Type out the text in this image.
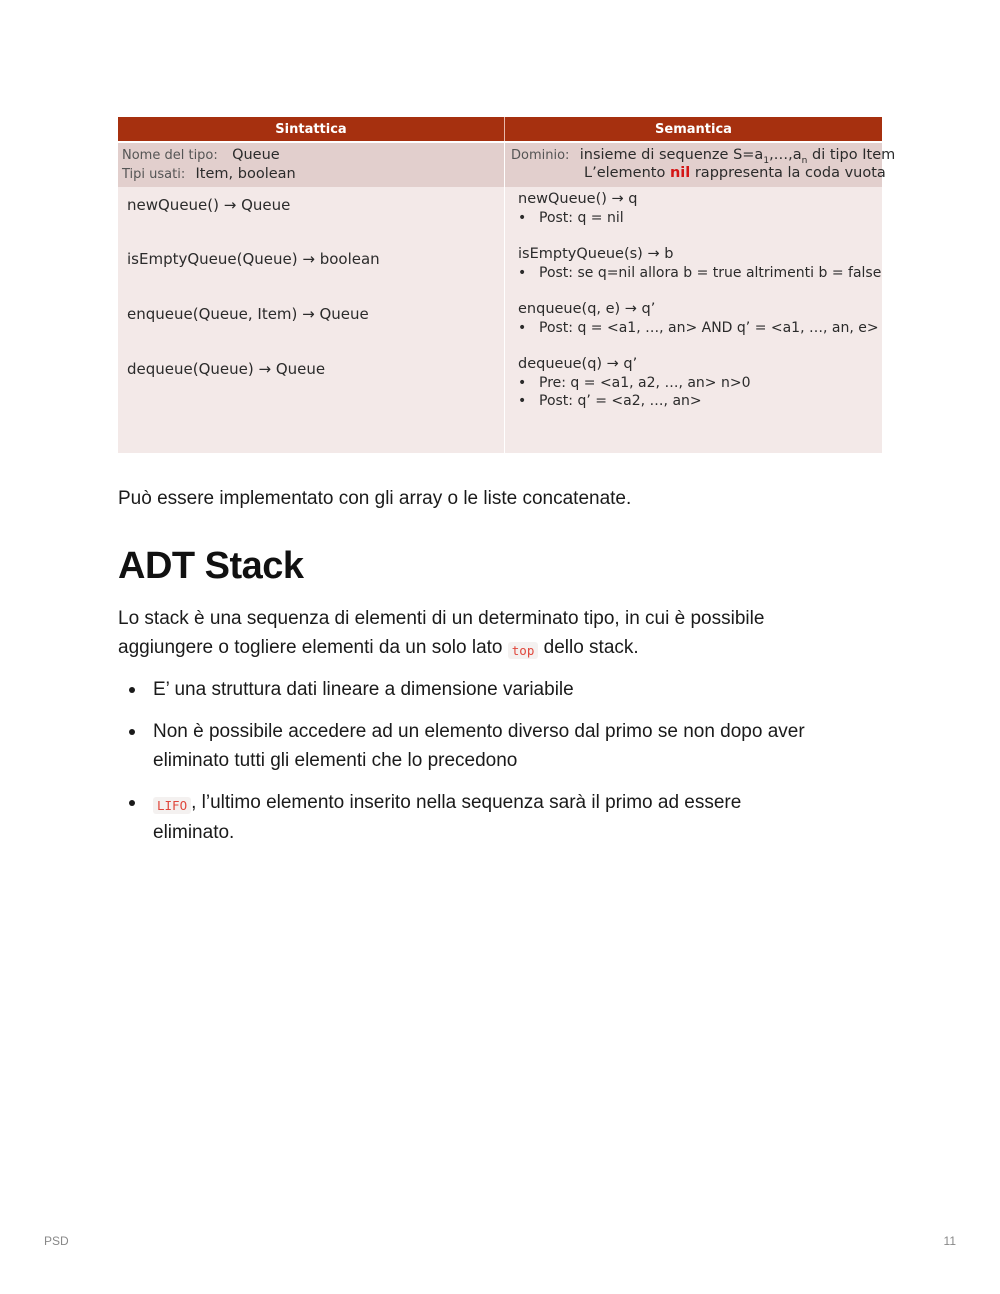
Sintattica	Semantica
Nome del tipo: Queue
Tipi usati: Item, boolean
Dominio: insieme di sequenze $S=a_1,\dots,a_n$ di tipo Item
L’elemento nil rappresenta la coda vuota
newQueue() → Queue
isEmptyQueue(Queue) → boolean
enqueue(Queue, Item) → Queue
dequeue(Queue) → Queue
newQueue() → q
• Post: q = nil
isEmptyQueue(s) → b
• Post: se q=nil allora b = true altrimenti b = false
enqueue(q, e) → q’
• Post: q = <a1, …, an> AND q’ = <a1, …, an, e>
dequeue(q) → q’
• Pre: q = <a1, a2, …, an> n>0
• Post: q’ = <a2, …, an>
Può essere implementato con gli array o le liste concatenate.
ADT Stack
Lo stack è una sequenza di elementi di un determinato tipo, in cui è possibile
aggiungere o togliere elementi da un solo lato top dello stack.
E’ una struttura dati lineare a dimensione variabile
Non è possibile accedere ad un elemento diverso dal primo se non dopo aver
eliminato tutti gli elementi che lo precedono
LIFO , l’ultimo elemento inserito nella sequenza sarà il primo ad essere
eliminato.
PSD	11
